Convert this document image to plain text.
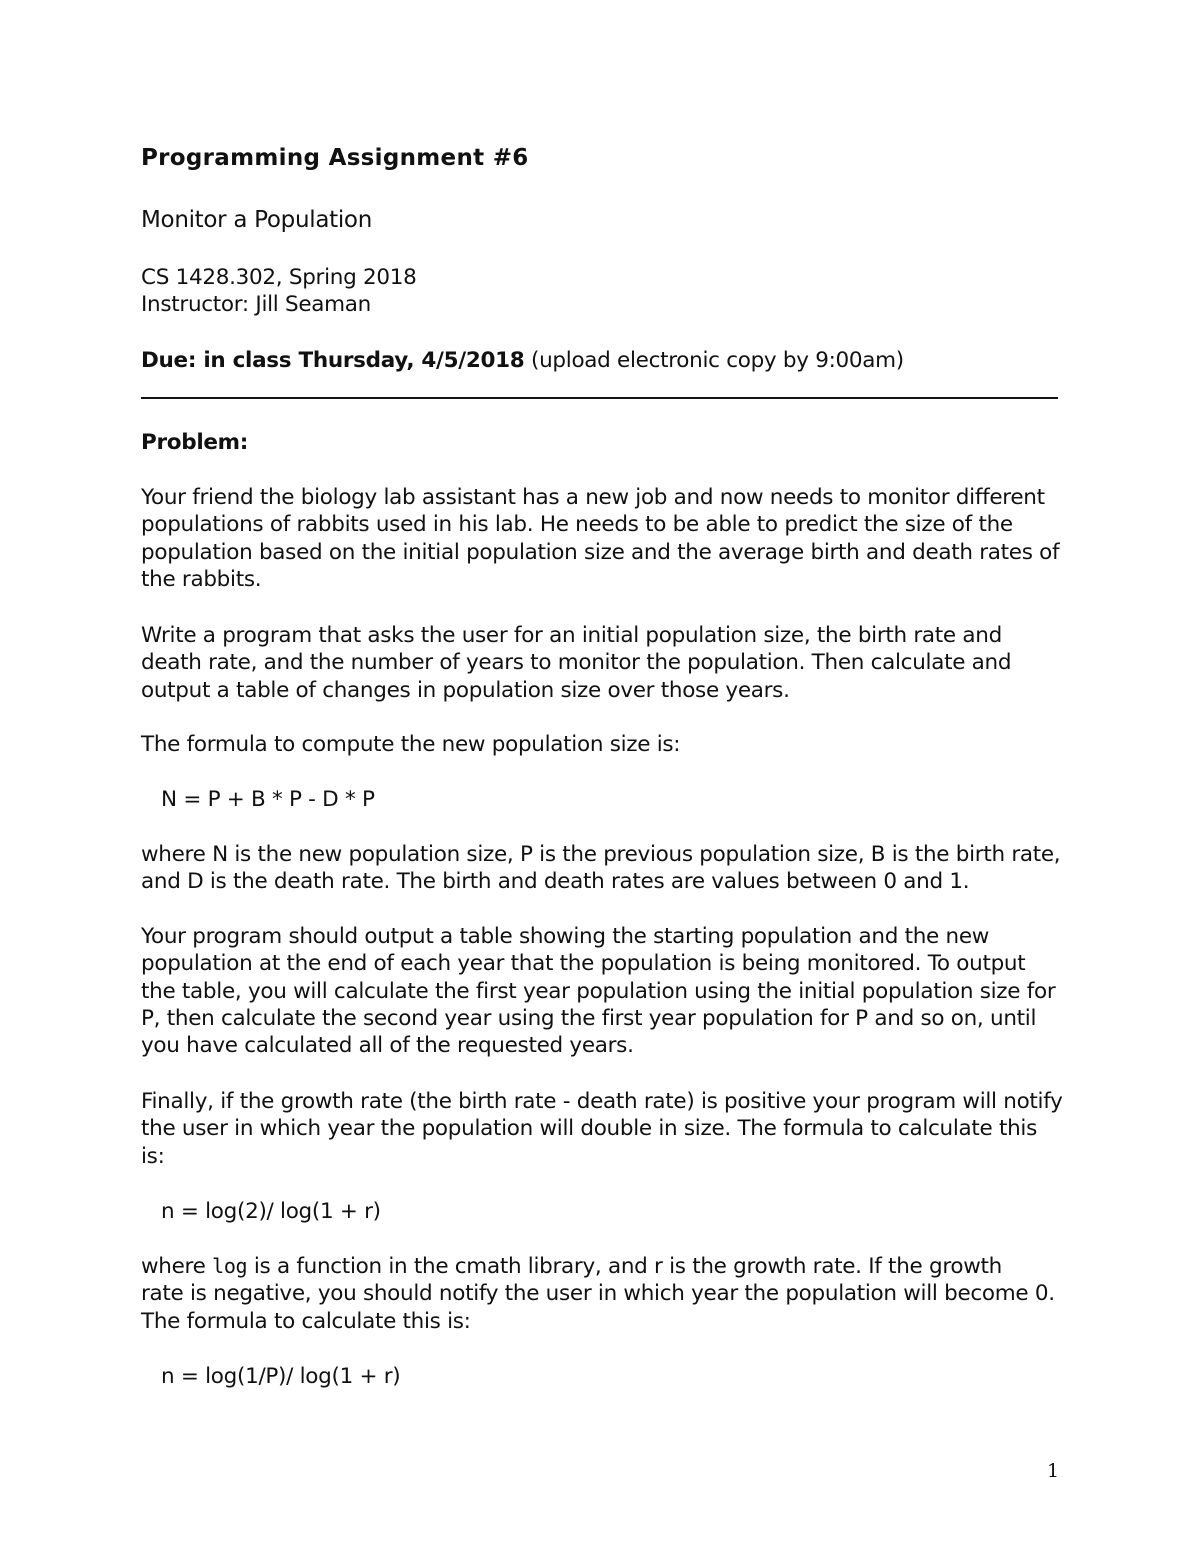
Programming Assignment #6

Monitor a Population

CS 1428.302, Spring 2018
Instructor: Jill Seaman
Due: in class Thursday, 4/5/2018 (upload electronic copy by 9:00am)
Problem:
Your friend the biology lab assistant has a new job and now needs to monitor different
populations of rabbits used in his lab. He needs to be able to predict the size of the
population based on the initial population size and the average birth and death rates of
the rabbits.
Write a program that asks the user for an initial population size, the birth rate and
death rate, and the number of years to monitor the population. Then calculate and
output a table of changes in population size over those years.
The formula to compute the new population size is:
N = P + B * P - D * P
where N is the new population size, P is the previous population size, B is the birth rate,
and D is the death rate. The birth and death rates are values between 0 and 1.
Your program should output a table showing the starting population and the new
population at the end of each year that the population is being monitored. To output
the table, you will calculate the first year population using the initial population size for
P, then calculate the second year using the first year population for P and so on, until
you have calculated all of the requested years.
Finally, if the growth rate (the birth rate - death rate) is positive your program will notify
the user in which year the population will double in size. The formula to calculate this
is:
n = log(2)/ log(1 + r)
where log is a function in the cmath library, and r is the growth rate. If the growth
rate is negative, you should notify the user in which year the population will become 0.
The formula to calculate this is:
n = log(1/P)/ log(1 + r)

1
